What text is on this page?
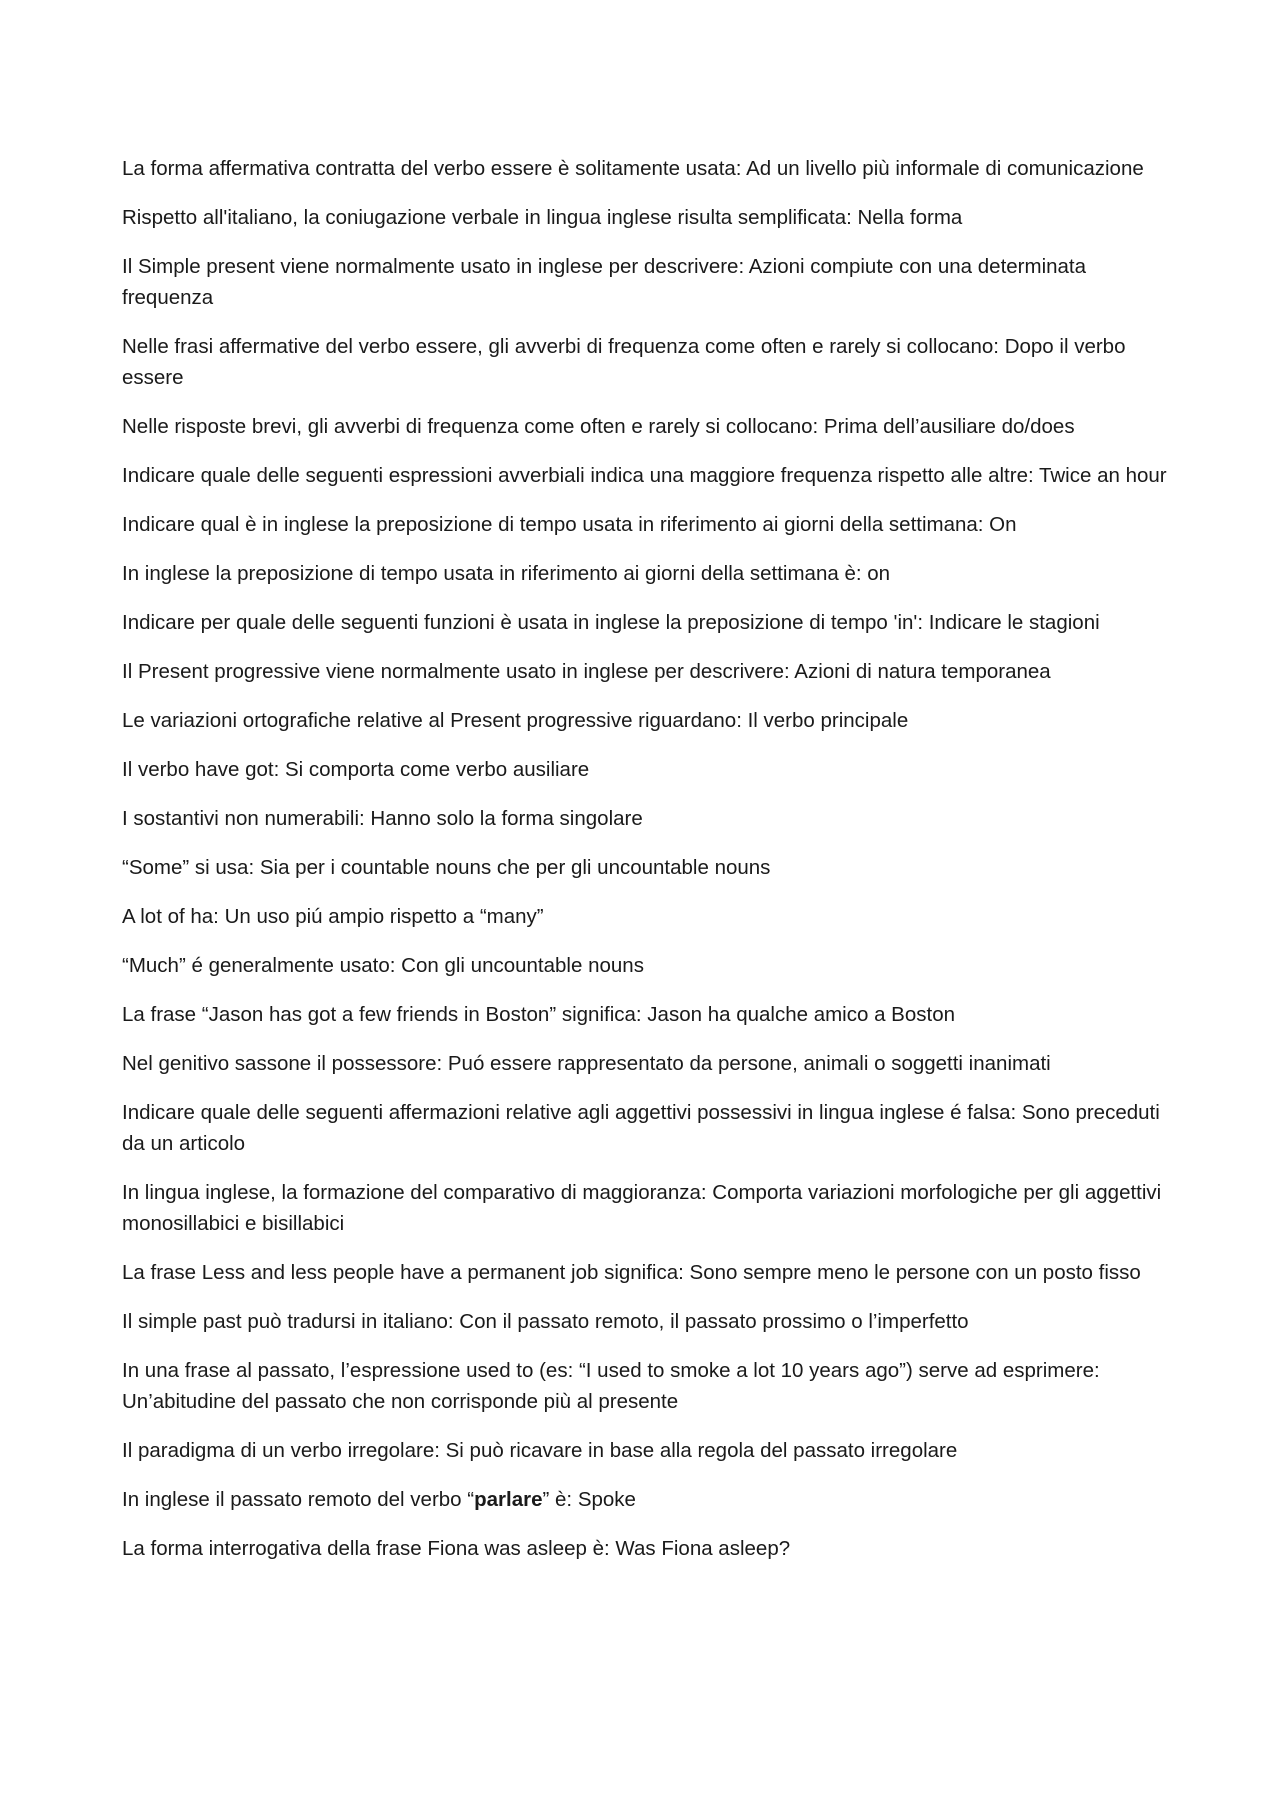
La forma affermativa contratta del verbo essere è solitamente usata: Ad un livello più informale di comunicazione

Rispetto all'italiano, la coniugazione verbale in lingua inglese risulta semplificata: Nella forma

Il Simple present viene normalmente usato in inglese per descrivere: Azioni compiute con una determinata frequenza

Nelle frasi affermative del verbo essere, gli avverbi di frequenza come often e rarely si collocano: Dopo il verbo essere

Nelle risposte brevi, gli avverbi di frequenza come often e rarely si collocano: Prima dell’ausiliare do/does

Indicare quale delle seguenti espressioni avverbiali indica una maggiore frequenza rispetto alle altre: Twice an hour

Indicare qual è in inglese la preposizione di tempo usata in riferimento ai giorni della settimana: On

In inglese la preposizione di tempo usata in riferimento ai giorni della settimana è: on

Indicare per quale delle seguenti funzioni è usata in inglese la preposizione di tempo 'in': Indicare le stagioni

Il Present progressive viene normalmente usato in inglese per descrivere: Azioni di natura temporanea

Le variazioni ortografiche relative al Present progressive riguardano: Il verbo principale

Il verbo have got: Si comporta come verbo ausiliare

I sostantivi non numerabili: Hanno solo la forma singolare

“Some” si usa: Sia per i countable nouns che per gli uncountable nouns

A lot of ha: Un uso piú ampio rispetto a “many”

“Much” é generalmente usato: Con gli uncountable nouns

La frase “Jason has got a few friends in Boston” significa: Jason ha qualche amico a Boston

Nel genitivo sassone il possessore: Puó essere rappresentato da persone, animali o soggetti inanimati

Indicare quale delle seguenti affermazioni relative agli aggettivi possessivi in lingua inglese é falsa: Sono preceduti da un articolo

In lingua inglese, la formazione del comparativo di maggioranza: Comporta variazioni morfologiche per gli aggettivi monosillabici e bisillabici

La frase Less and less people have a permanent job significa: Sono sempre meno le persone con un posto fisso

Il simple past può tradursi in italiano: Con il passato remoto, il passato prossimo o l’imperfetto

In una frase al passato, l’espressione used to (es: “I used to smoke a lot 10 years ago”) serve ad esprimere: Un’abitudine del passato che non corrisponde più al presente

Il paradigma di un verbo irregolare: Si può ricavare in base alla regola del passato irregolare

In inglese il passato remoto del verbo “parlare” è: Spoke

La forma interrogativa della frase Fiona was asleep è: Was Fiona asleep?
